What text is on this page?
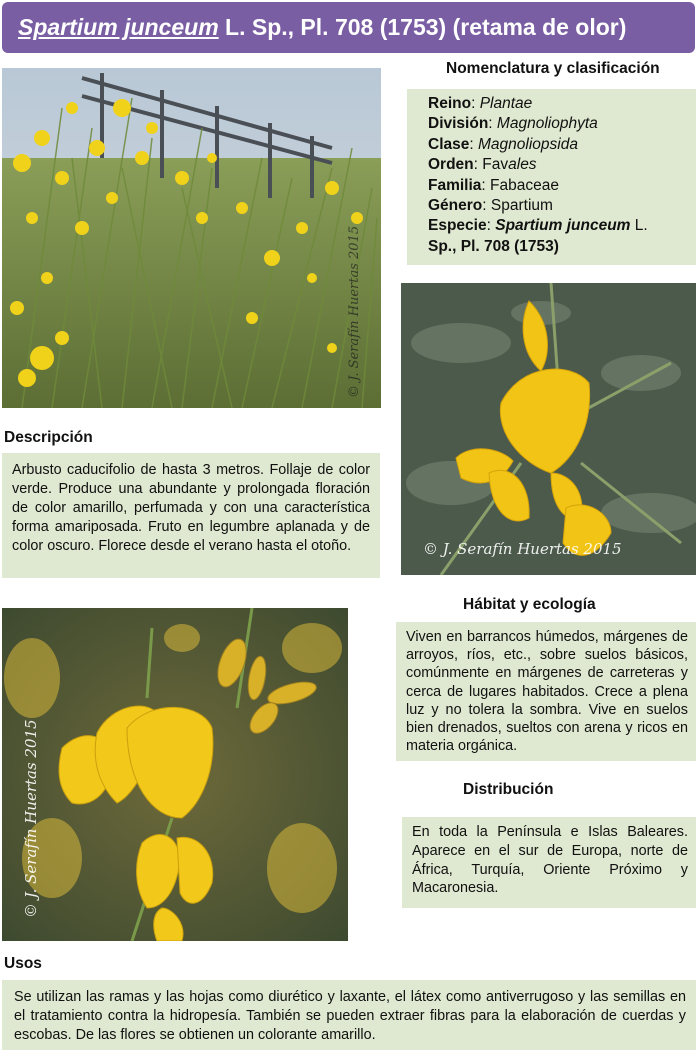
Spartium junceum L. Sp., Pl. 708 (1753) (retama de olor)
© J. Serafín Huertas 2015
Nomenclatura y clasificación
Reino: Plantae
División: Magnoliophyta
Clase: Magnoliopsida
Orden: Favales
Familia: Fabaceae
Género: Spartium
Especie: Spartium junceum L.
Sp., Pl. 708 (1753)
© J. Serafín Huertas 2015
Descripción
Arbusto caducifolio de hasta 3 metros. Follaje de color verde. Produce una abundante y prolongada floración de color amarillo, perfumada y con una característica forma amariposada. Fruto en legumbre aplanada y de color oscuro. Florece desde el verano hasta el otoño.
© J. Serafín Huertas 2015
Hábitat y ecología
Viven en barrancos húmedos, márgenes de arroyos, ríos, etc., sobre suelos básicos, comúnmente en márgenes de carreteras y cerca de lugares habitados. Crece a plena luz y no tolera la sombra. Vive en suelos bien drenados, sueltos con arena y ricos en materia orgánica.
Distribución
En toda la Península e Islas Baleares. Aparece en el sur de Europa, norte de África, Turquía, Oriente Próximo y Macaronesia.
Usos
Se utilizan las ramas y las hojas como diurético y laxante, el látex como antiverrugoso y las semillas en el tratamiento contra la hidropesía. También se pueden extraer fibras para la elaboración de cuerdas y escobas. De las flores se obtienen un colorante amarillo.
